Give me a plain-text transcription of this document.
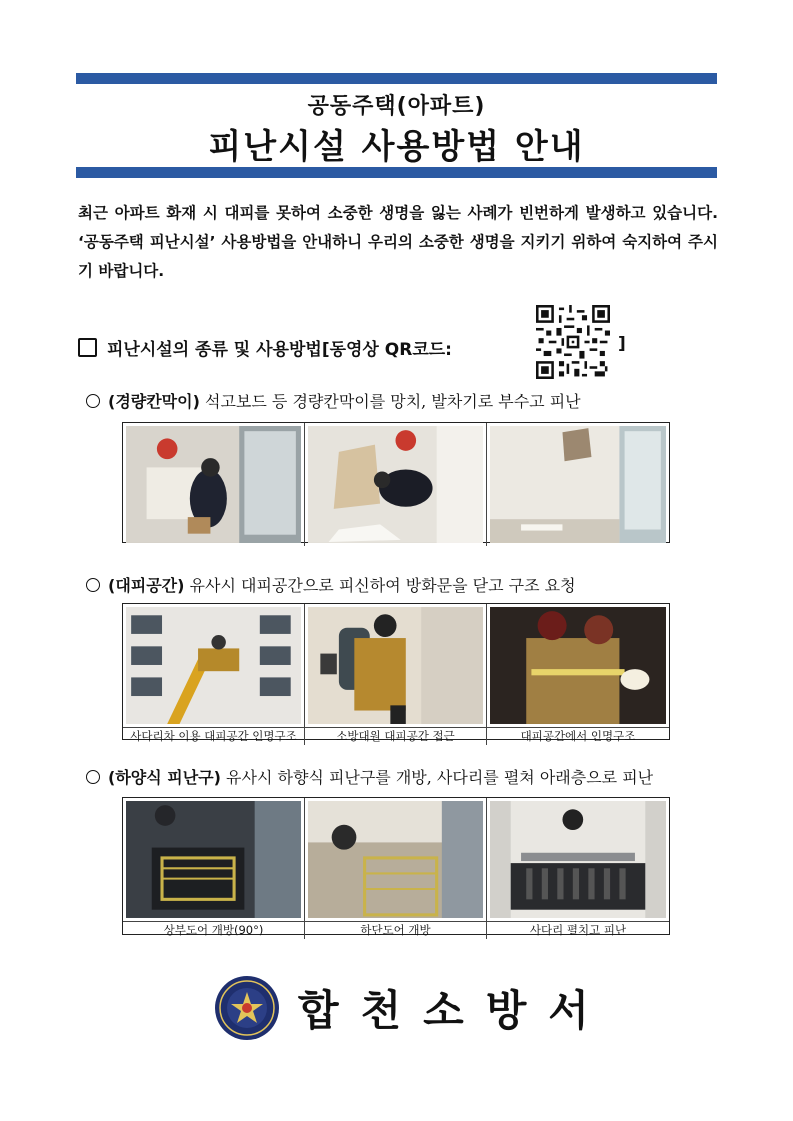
공동주택(아파트)
피난시설 사용방법 안내
최근 아파트 화재 시 대피를 못하여 소중한 생명을 잃는 사례가 빈번하게 발생하고 있습니다. ‘공동주택 피난시설’ 사용방법을 안내하니 우리의 소중한 생명을 지키기 위하여 숙지하여 주시기 바랍니다.
피난시설의 종류 및 사용방법[동영상 QR코드:	]
(경량칸막이) 석고보드 등 경량칸막이를 망치, 발차기로 부수고 피난
(대피공간) 유사시 대피공간으로 피신하여 방화문을 닫고 구조 요청
사다리차 이용 대피공간 인명구조	소방대원 대피공간 접근	대피공간에서 인명구조
(하양식 피난구) 유사시 하향식 피난구를 개방, 사다리를 펼쳐 아래층으로 피난
상부도어 개방(90°)	하단도어 개방	사다리 펼치고 피난
합천소방서
